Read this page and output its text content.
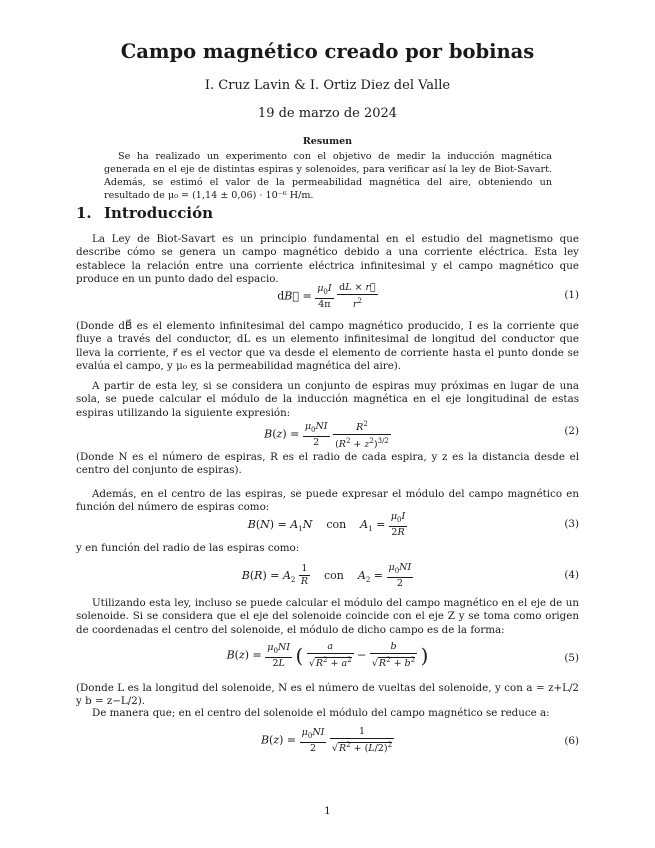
Campo magnético creado por bobinas
I. Cruz Lavin & I. Ortiz Diez del Valle
19 de marzo de 2024
Resumen
Se ha realizado un experimento con el objetivo de medir la inducción magnética generada en el eje de distintas espiras y solenoides, para verificar así la ley de Biot-Savart. Además, se estimó el valor de la permeabilidad magnética del aire, obteniendo un resultado de μ₀ = (1,14 ± 0,06) · 10⁻⁶ H/m.
1. Introducción
La Ley de Biot-Savart es un principio fundamental en el estudio del magnetismo que describe cómo se genera un campo magnético debido a una corriente eléctrica. Esta ley establece la relación entre una corriente eléctrica infinitesimal y el campo magnético que produce en un punto dado del espacio.
dB⃗ = $\frac{\mu_0I}{4\pi}$
$\frac{dL \times r⃗}{r^2}$	(1)
(Donde dB⃗ es el elemento infinitesimal del campo magnético producido, I es la corriente que fluye a través del conductor, dL es un elemento infinitesimal de longitud del conductor que lleva la corriente, r⃗ es el vector que va desde el elemento de corriente hasta el punto donde se evalúa el campo, y μ₀ es la permeabilidad magnética del aire).
A partir de esta ley, si se considera un conjunto de espiras muy próximas en lugar de una sola, se puede calcular el módulo de la inducción magnética en el eje longitudinal de estas espiras utilizando la siguiente expresión:
$B(z) = \frac{\mu_0NI}{2}$
$\frac{R^2}{(R^2 + z^2)^{3/2}}$	(2)
(Donde N es el número de espiras, R es el radio de cada espira, y z es la distancia desde el centro del conjunto de espiras).
Además, en el centro de las espiras, se puede expresar el módulo del campo magnético en función del número de espiras como:
$B(N) = A_1N$    con    $A_1 = \frac{\mu_0I}{2R}$	(3)
y en función del radio de las espiras como:
$B(R) = A_2 \frac{1}{R}$ con    $A_2 = \frac{\mu_0NI}{2}$	(4)
Utilizando esta ley, incluso se puede calcular el módulo del campo magnético en el eje de un solenoide. Si se considera que el eje del solenoide coincide con el eje Z y se toma como origen de coordenadas el centro del solenoide, el módulo de dicho campo es de la forma:
$B(z) = \frac{\mu_0NI}{2L}$ ( $\frac{a}{√R^2 + a^2} - \frac{b}{√R^2 + b^2}$ )	(5)
(Donde L es la longitud del solenoide, N es el número de vueltas del solenoide, y con a = z+L/2 y b = z−L/2).
De manera que; en el centro del solenoide el módulo del campo magnético se reduce a:
$B(z) = \frac{\mu_0NI}{2}$
$\frac{1}{√R^2 + (L/2)^2}$	(6)
1
